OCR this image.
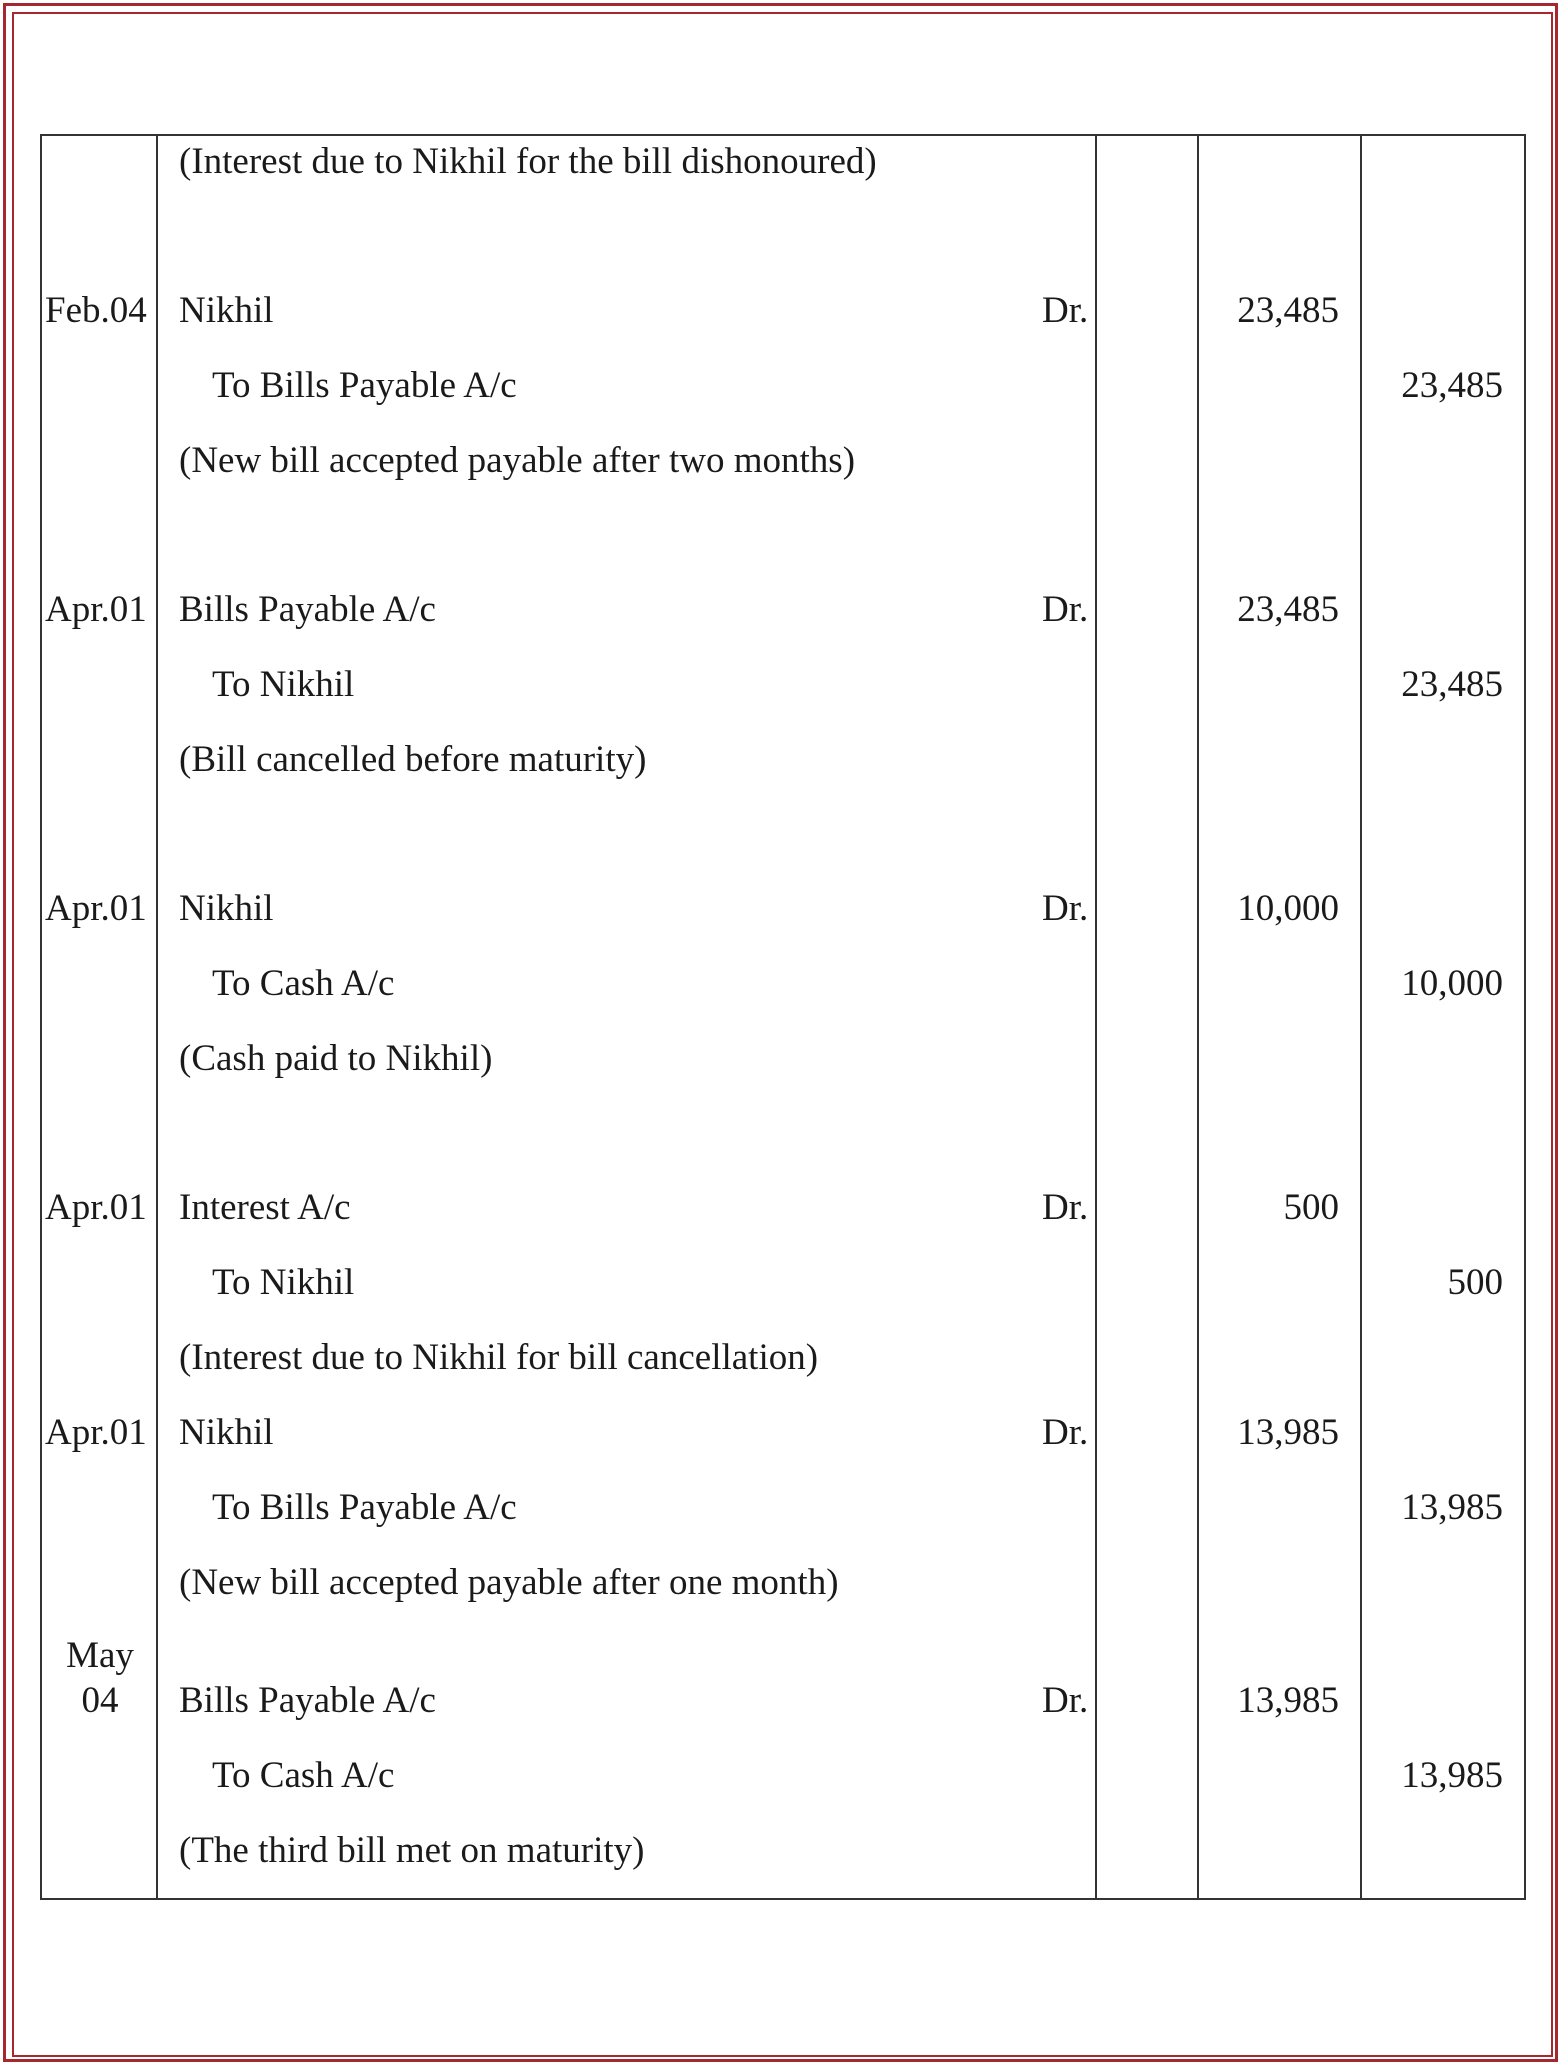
(Interest due to Nikhil for the bill dishonoured)
Feb.04 Nikhil	Dr.	23,485
To Bills Payable A/c	23,485
(New bill accepted payable after two months)
Apr.01 Bills Payable A/c	Dr.	23,485
To Nikhil	23,485
(Bill cancelled before maturity)
Apr.01 Nikhil	Dr.	10,000
To Cash A/c	10,000
(Cash paid to Nikhil)
Apr.01 Interest A/c	Dr.	500
To Nikhil	500
(Interest due to Nikhil for bill cancellation)
Apr.01 Nikhil	Dr.	13,985
To Bills Payable A/c	13,985
(New bill accepted payable after one month)
May
04	Bills Payable A/c	Dr.	13,985
To Cash A/c	13,985
(The third bill met on maturity)
